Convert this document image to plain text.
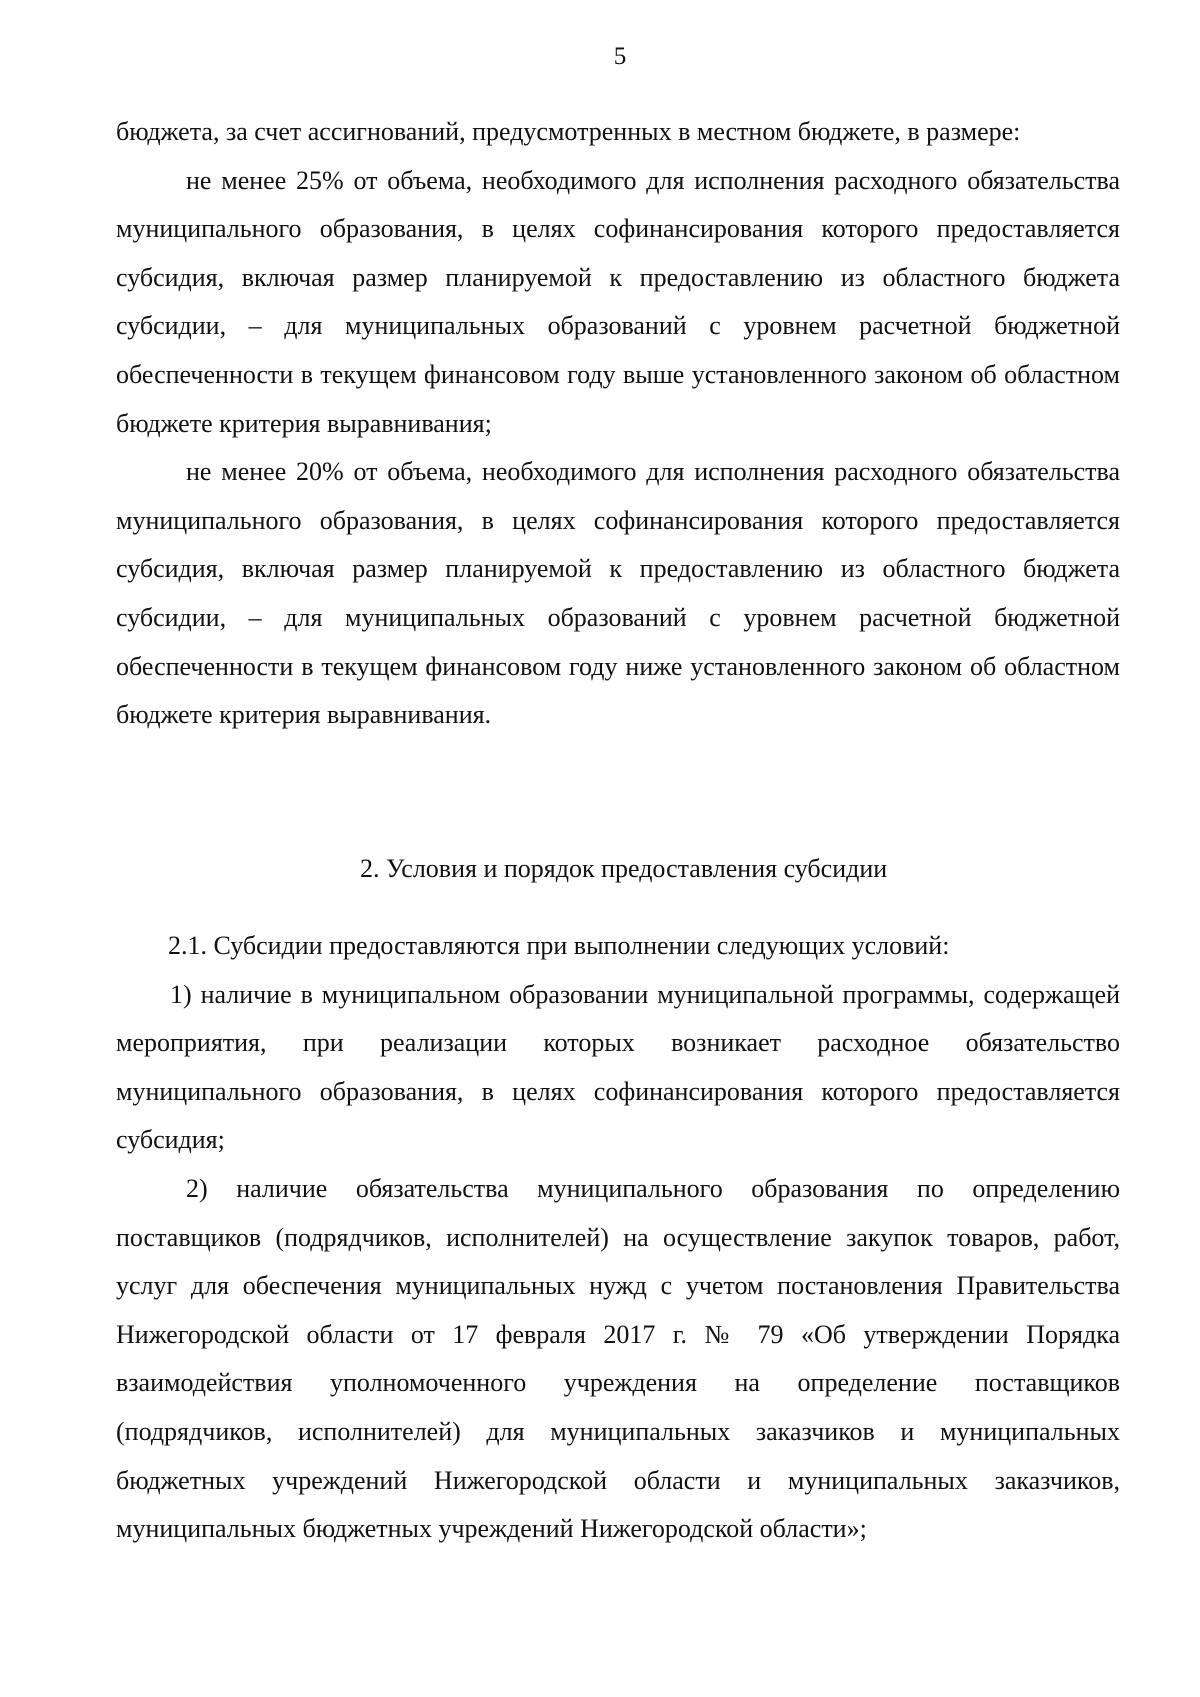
5

бюджета, за счет ассигнований, предусмотренных в местном бюджете, в размере:

не менее 25% от объема, необходимого для исполнения расходного обязательства муниципального образования, в целях софинансирования которого предоставляется субсидия, включая размер планируемой к предоставлению из областного бюджета субсидии, – для муниципальных образований с уровнем расчетной бюджетной обеспеченности в текущем финансовом году выше установленного законом об областном бюджете критерия выравнивания;

не менее 20% от объема, необходимого для исполнения расходного обязательства муниципального образования, в целях софинансирования которого предоставляется субсидия, включая размер планируемой к предоставлению из областного бюджета субсидии, – для муниципальных образований с уровнем расчетной бюджетной обеспеченности в текущем финансовом году ниже установленного законом об областном бюджете критерия выравнивания.

2. Условия и порядок предоставления субсидии

2.1. Субсидии предоставляются при выполнении следующих условий:

1) наличие в муниципальном образовании муниципальной программы, содержащей мероприятия, при реализации которых возникает расходное обязательство муниципального образования, в целях софинансирования которого предоставляется субсидия;

2) наличие обязательства муниципального образования по определению поставщиков (подрядчиков, исполнителей) на осуществление закупок товаров, работ, услуг для обеспечения муниципальных нужд с учетом постановления Правительства Нижегородской области от 17 февраля 2017 г. № 79 «Об утверждении Порядка взаимодействия уполномоченного учреждения на определение поставщиков (подрядчиков, исполнителей) для муниципальных заказчиков и муниципальных бюджетных учреждений Нижегородской области и муниципальных заказчиков, муниципальных бюджетных учреждений Нижегородской области»;
